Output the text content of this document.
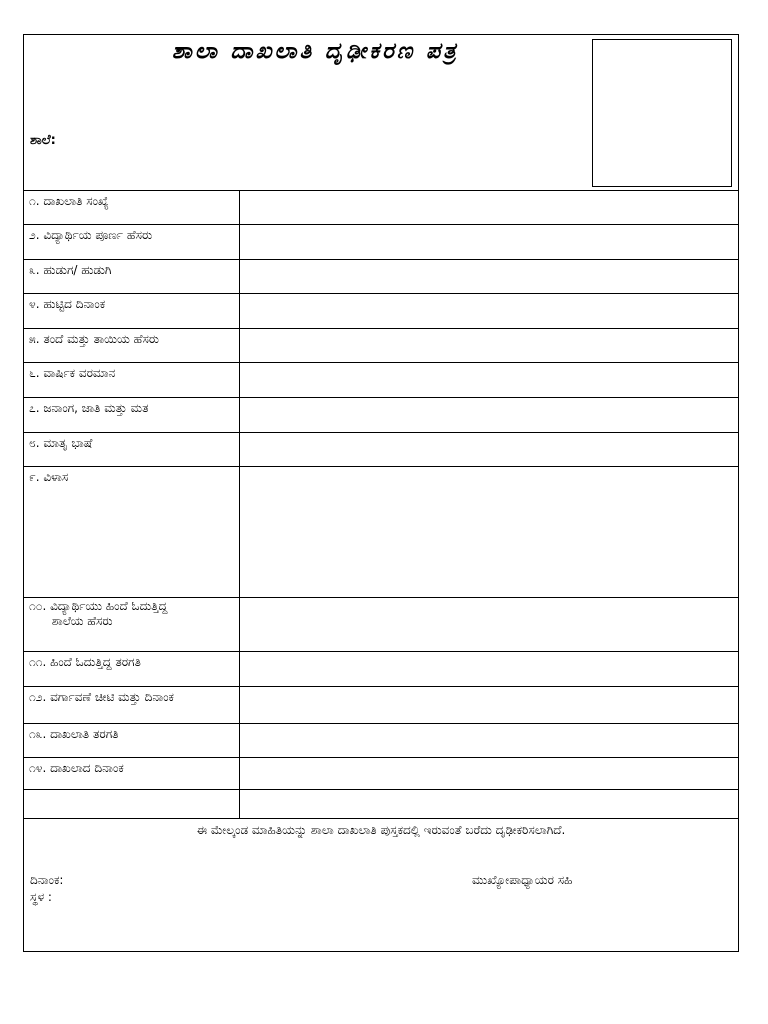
ಶಾಲಾ ದಾಖಲಾತಿ ದೃಢೀಕರಣ ಪತ್ರ
ಶಾಲೆ:
೧. ದಾಖಲಾತಿ ಸಂಖ್ಯೆ
೨. ವಿದ್ಯಾರ್ಥಿಯ ಪೂರ್ಣ ಹೆಸರು
೩. ಹುಡುಗ/ ಹುಡುಗಿ
೪. ಹುಟ್ಟಿದ ದಿನಾಂಕ
೫. ತಂದೆ ಮತ್ತು ತಾಯಿಯ ಹೆಸರು
೬. ವಾರ್ಷಿಕ ವರಮಾನ
೭. ಜನಾಂಗ, ಜಾತಿ ಮತ್ತು ಮತ
೮. ಮಾತೃ ಭಾಷೆ
೯. ವಿಳಾಸ
೧೦. ವಿದ್ಯಾರ್ಥಿಯು ಹಿಂದೆ ಓದುತ್ತಿದ್ದ
ಶಾಲೆಯ ಹೆಸರು
೧೧. ಹಿಂದೆ ಓದುತ್ತಿದ್ದ ತರಗತಿ
೧೨. ವರ್ಗಾವಣೆ ಚೀಟಿ ಮತ್ತು ದಿನಾಂಕ
೧೩. ದಾಖಲಾತಿ ತರಗತಿ
೧೪. ದಾಖಲಾದ ದಿನಾಂಕ
ಈ ಮೇಲ್ಕಂಡ ಮಾಹಿತಿಯನ್ನು ಶಾಲಾ ದಾಖಲಾತಿ ಪುಸ್ತಕದಲ್ಲಿ ಇರುವಂತೆ ಬರೆದು ದೃಢೀಕರಿಸಲಾಗಿದೆ.
ದಿನಾಂಕ:
ಸ್ಥಳ :
ಮುಖ್ಯೋಪಾಧ್ಯಾಯರ ಸಹಿ
